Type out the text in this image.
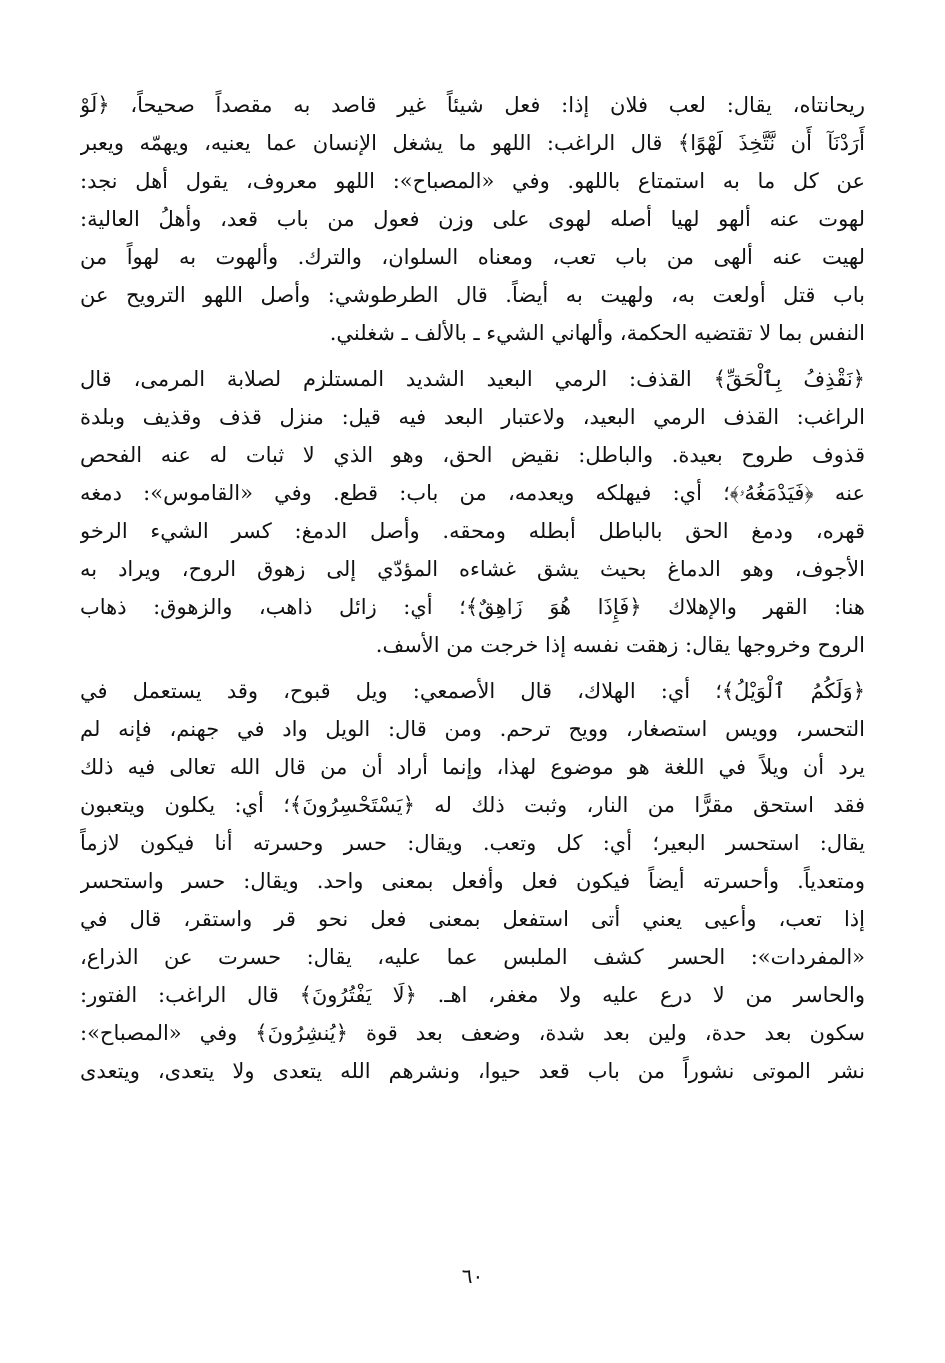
ريحانتاه، يقال: لعب فلان إذا: فعل شيئاً غير قاصد به مقصداً صحيحاً، ﴿لَوْ
أَرَدْنَآ أَن نَّتَّخِذَ لَهْوًا﴾ قال الراغب: اللهو ما يشغل الإنسان عما يعنيه، ويهمّه ويعبر
عن كل ما به استمتاع باللهو. وفي «المصباح»: اللهو معروف، يقول أهل نجد:
لهوت عنه ألهو لهيا أصله لهوى على وزن فعول من باب قعد، وأهلُ العالية:
لهيت عنه ألهى من باب تعب، ومعناه السلوان، والترك. وألهوت به لهواً من
باب قتل أولعت به، ولهيت به أيضاً. قال الطرطوشي: وأصل اللهو الترويح عن
النفس بما لا تقتضيه الحكمة، وألهاني الشيء ـ بالألف ـ شغلني.
﴿نَقْذِفُ بِٱلْحَقِّ﴾ القذف: الرمي البعيد الشديد المستلزم لصلابة المرمى، قال
الراغب: القذف الرمي البعيد، ولاعتبار البعد فيه قيل: منزل قذف وقذيف وبلدة
قذوف طروح بعيدة. والباطل: نقيض الحق، وهو الذي لا ثبات له عنه الفحص
عنه ﴿فَيَدْمَغُهُۥ﴾؛ أي: فيهلكه ويعدمه، من باب: قطع. وفي «القاموس»: دمغه
قهره، ودمغ الحق بالباطل أبطله ومحقه. وأصل الدمغ: كسر الشيء الرخو
الأجوف، وهو الدماغ بحيث يشق غشاءه المؤدّي إلى زهوق الروح، ويراد به
هنا: القهر والإهلاك ﴿فَإِذَا هُوَ زَاهِقٌ﴾؛ أي: زائل ذاهب، والزهوق: ذهاب
الروح وخروجها يقال: زهقت نفسه إذا خرجت من الأسف.
﴿وَلَكُمُ ٱلْوَيْلُ﴾؛ أي: الهلاك، قال الأصمعي: ويل قبوح، وقد يستعمل في
التحسر، وويس استصغار، وويح ترحم. ومن قال: الويل واد في جهنم، فإنه لم
يرد أن ويلاً في اللغة هو موضوع لهذا، وإنما أراد أن من قال الله تعالى فيه ذلك
فقد استحق مقرًّا من النار، وثبت ذلك له ﴿يَسْتَحْسِرُونَ﴾؛ أي: يكلون ويتعبون
يقال: استحسر البعير؛ أي: كل وتعب. ويقال: حسر وحسرته أنا فيكون لازماً
ومتعدياً. وأحسرته أيضاً فيكون فعل وأفعل بمعنى واحد. ويقال: حسر واستحسر
إذا تعب، وأعيى يعني أتى استفعل بمعنى فعل نحو قر واستقر، قال في
«المفردات»: الحسر كشف الملبس عما عليه، يقال: حسرت عن الذراع،
والحاسر من لا درع عليه ولا مغفر، اهـ. ﴿لَا يَفْتُرُونَ﴾ قال الراغب: الفتور:
سكون بعد حدة، ولين بعد شدة، وضعف بعد قوة ﴿يُنشِرُونَ﴾ وفي «المصباح»:
نشر الموتى نشوراً من باب قعد حيوا، ونشرهم الله يتعدى ولا يتعدى، ويتعدى
٦٠
